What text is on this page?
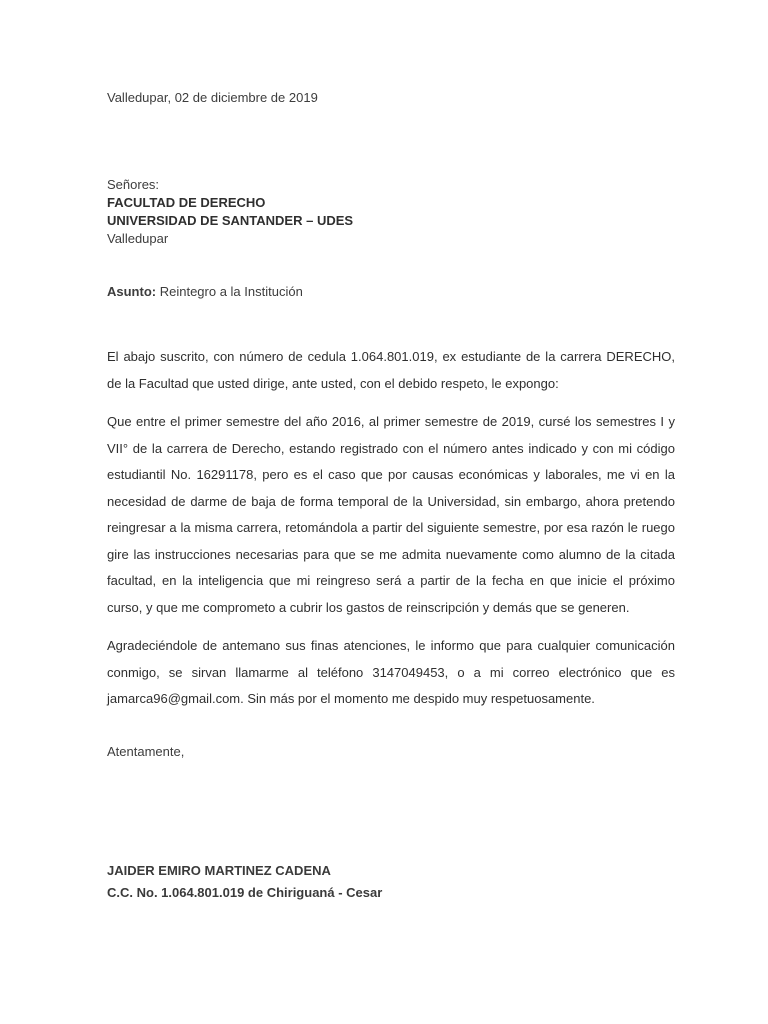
Valledupar, 02 de diciembre de 2019
Señores:
FACULTAD DE DERECHO
UNIVERSIDAD DE SANTANDER – UDES
Valledupar
Asunto: Reintegro a la Institución

El abajo suscrito, con número de cedula 1.064.801.019, ex estudiante de la carrera DERECHO, de la Facultad que usted dirige, ante usted, con el debido respeto, le expongo:

Que entre el primer semestre del año 2016, al primer semestre de 2019, cursé los semestres I y VII° de la carrera de Derecho, estando registrado con el número antes indicado y con mi código estudiantil No. 16291178, pero es el caso que por causas económicas y laborales, me vi en la necesidad de darme de baja de forma temporal de la Universidad, sin embargo, ahora pretendo reingresar a la misma carrera, retomándola a partir del siguiente semestre, por esa razón le ruego gire las instrucciones necesarias para que se me admita nuevamente como alumno de la citada facultad, en la inteligencia que mi reingreso será a partir de la fecha en que inicie el próximo curso, y que me comprometo a cubrir los gastos de reinscripción y demás que se generen.

Agradeciéndole de antemano sus finas atenciones, le informo que para cualquier comunicación conmigo, se sirvan llamarme al teléfono 3147049453, o a mi correo electrónico que es jamarca96@gmail.com. Sin más por el momento me despido muy respetuosamente.

Atentamente,
JAIDER EMIRO MARTINEZ CADENA
C.C. No. 1.064.801.019 de Chiriguaná - Cesar
